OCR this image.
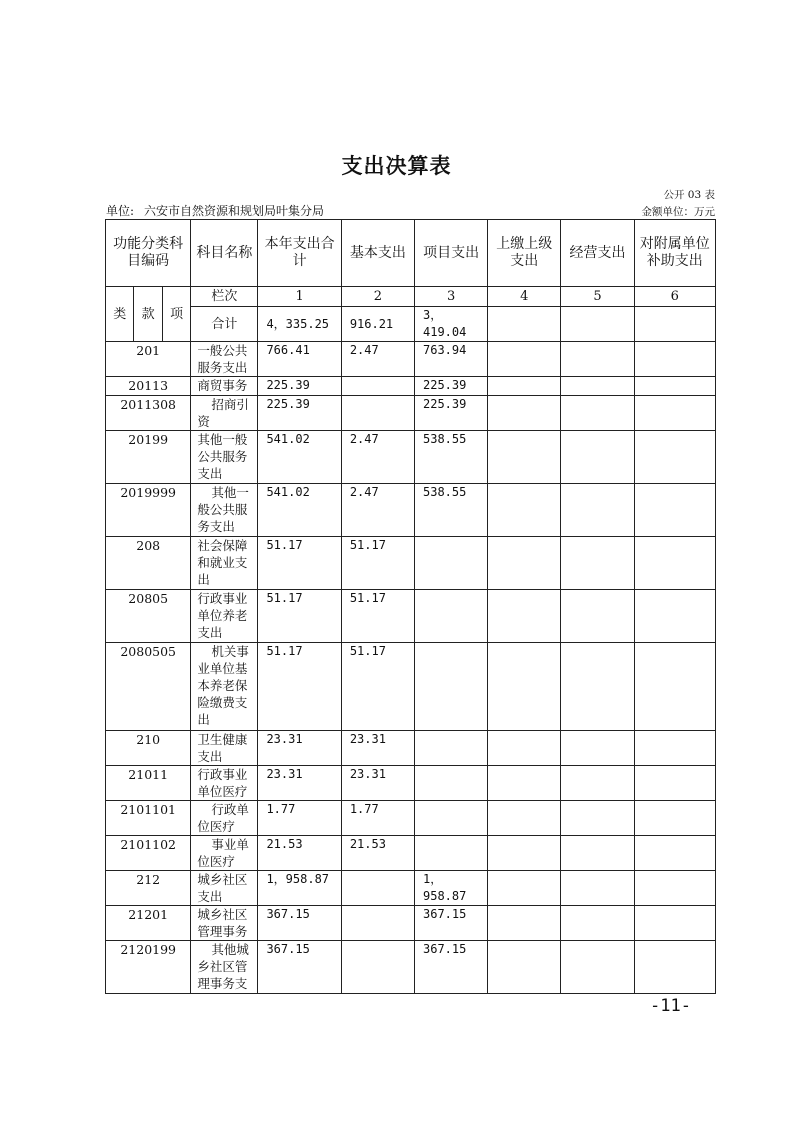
支出决算表
公开 03 表
单位: 六安市自然资源和规划局叶集分局	金额单位：万元
功能分类科目编码			科目名称	本年支出合计	基本支出	项目支出	上缴上级支出	经营支出	对附属单位补助支出
类	款	项	栏次	1	2	3	4	5	6
			合计	4，335.25	916.21	3，419.04			
201			一般公共服务支出	766.41	2.47	763.94			
20113			商贸事务	225.39		225.39			
2011308			招商引资	225.39		225.39			
20199			其他一般公共服务支出	541.02	2.47	538.55			
2019999			其他一般公共服务支出	541.02	2.47	538.55			
208			社会保障和就业支出	51.17	51.17				
20805			行政事业单位养老支出	51.17	51.17				
2080505			机关事业单位基本养老保险缴费支出	51.17	51.17				
210			卫生健康支出	23.31	23.31				
21011			行政事业单位医疗	23.31	23.31				
2101101			行政单位医疗	1.77	1.77				
2101102			事业单位医疗	21.53	21.53				
212			城乡社区支出	1，958.87		1，958.87			
21201			城乡社区管理事务	367.15		367.15			
2120199			其他城乡社区管理事务支	367.15		367.15			
-11-
